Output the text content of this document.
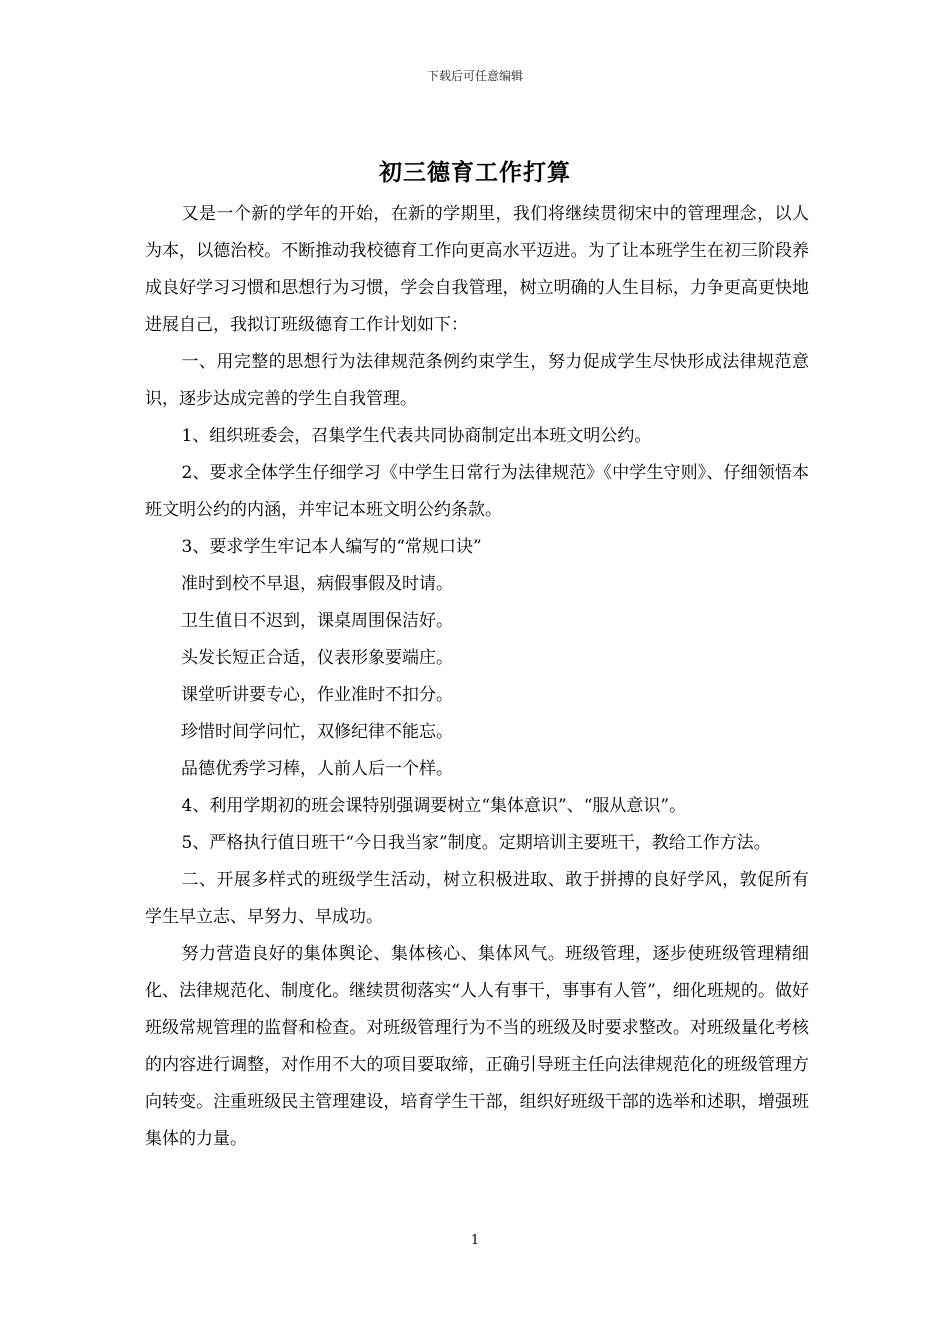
下载后可任意编辑
初三德育工作打算

又是一个新的学年的开始，在新的学期里，我们将继续贯彻宋中的管理理念，以人为本，以德治校。不断推动我校德育工作向更高水平迈进。为了让本班学生在初三阶段养成良好学习习惯和思想行为习惯，学会自我管理，树立明确的人生目标，力争更高更快地进展自己，我拟订班级德育工作计划如下：

一、用完整的思想行为法律规范条例约束学生，努力促成学生尽快形成法律规范意识，逐步达成完善的学生自我管理。

1、组织班委会，召集学生代表共同协商制定出本班文明公约。

2、要求全体学生仔细学习《中学生日常行为法律规范》《中学生守则》、仔细领悟本班文明公约的内涵，并牢记本班文明公约条款。

3、要求学生牢记本人编写的“常规口诀”

准时到校不早退，病假事假及时请。

卫生值日不迟到，课桌周围保洁好。

头发长短正合适，仪表形象要端庄。

课堂听讲要专心，作业准时不扣分。

珍惜时间学问忙，双修纪律不能忘。

品德优秀学习棒，人前人后一个样。

4、利用学期初的班会课特别强调要树立“集体意识”、“服从意识”。

5、严格执行值日班干“今日我当家”制度。定期培训主要班干，教给工作方法。

二、开展多样式的班级学生活动，树立积极进取、敢于拼搏的良好学风，敦促所有学生早立志、早努力、早成功。

努力营造良好的集体舆论、集体核心、集体风气。班级管理，逐步使班级管理精细化、法律规范化、制度化。继续贯彻落实“人人有事干，事事有人管”，细化班规的。做好班级常规管理的监督和检查。对班级管理行为不当的班级及时要求整改。对班级量化考核的内容进行调整，对作用不大的项目要取缔，正确引导班主任向法律规范化的班级管理方向转变。注重班级民主管理建设，培育学生干部，组织好班级干部的选举和述职，增强班集体的力量。

1
